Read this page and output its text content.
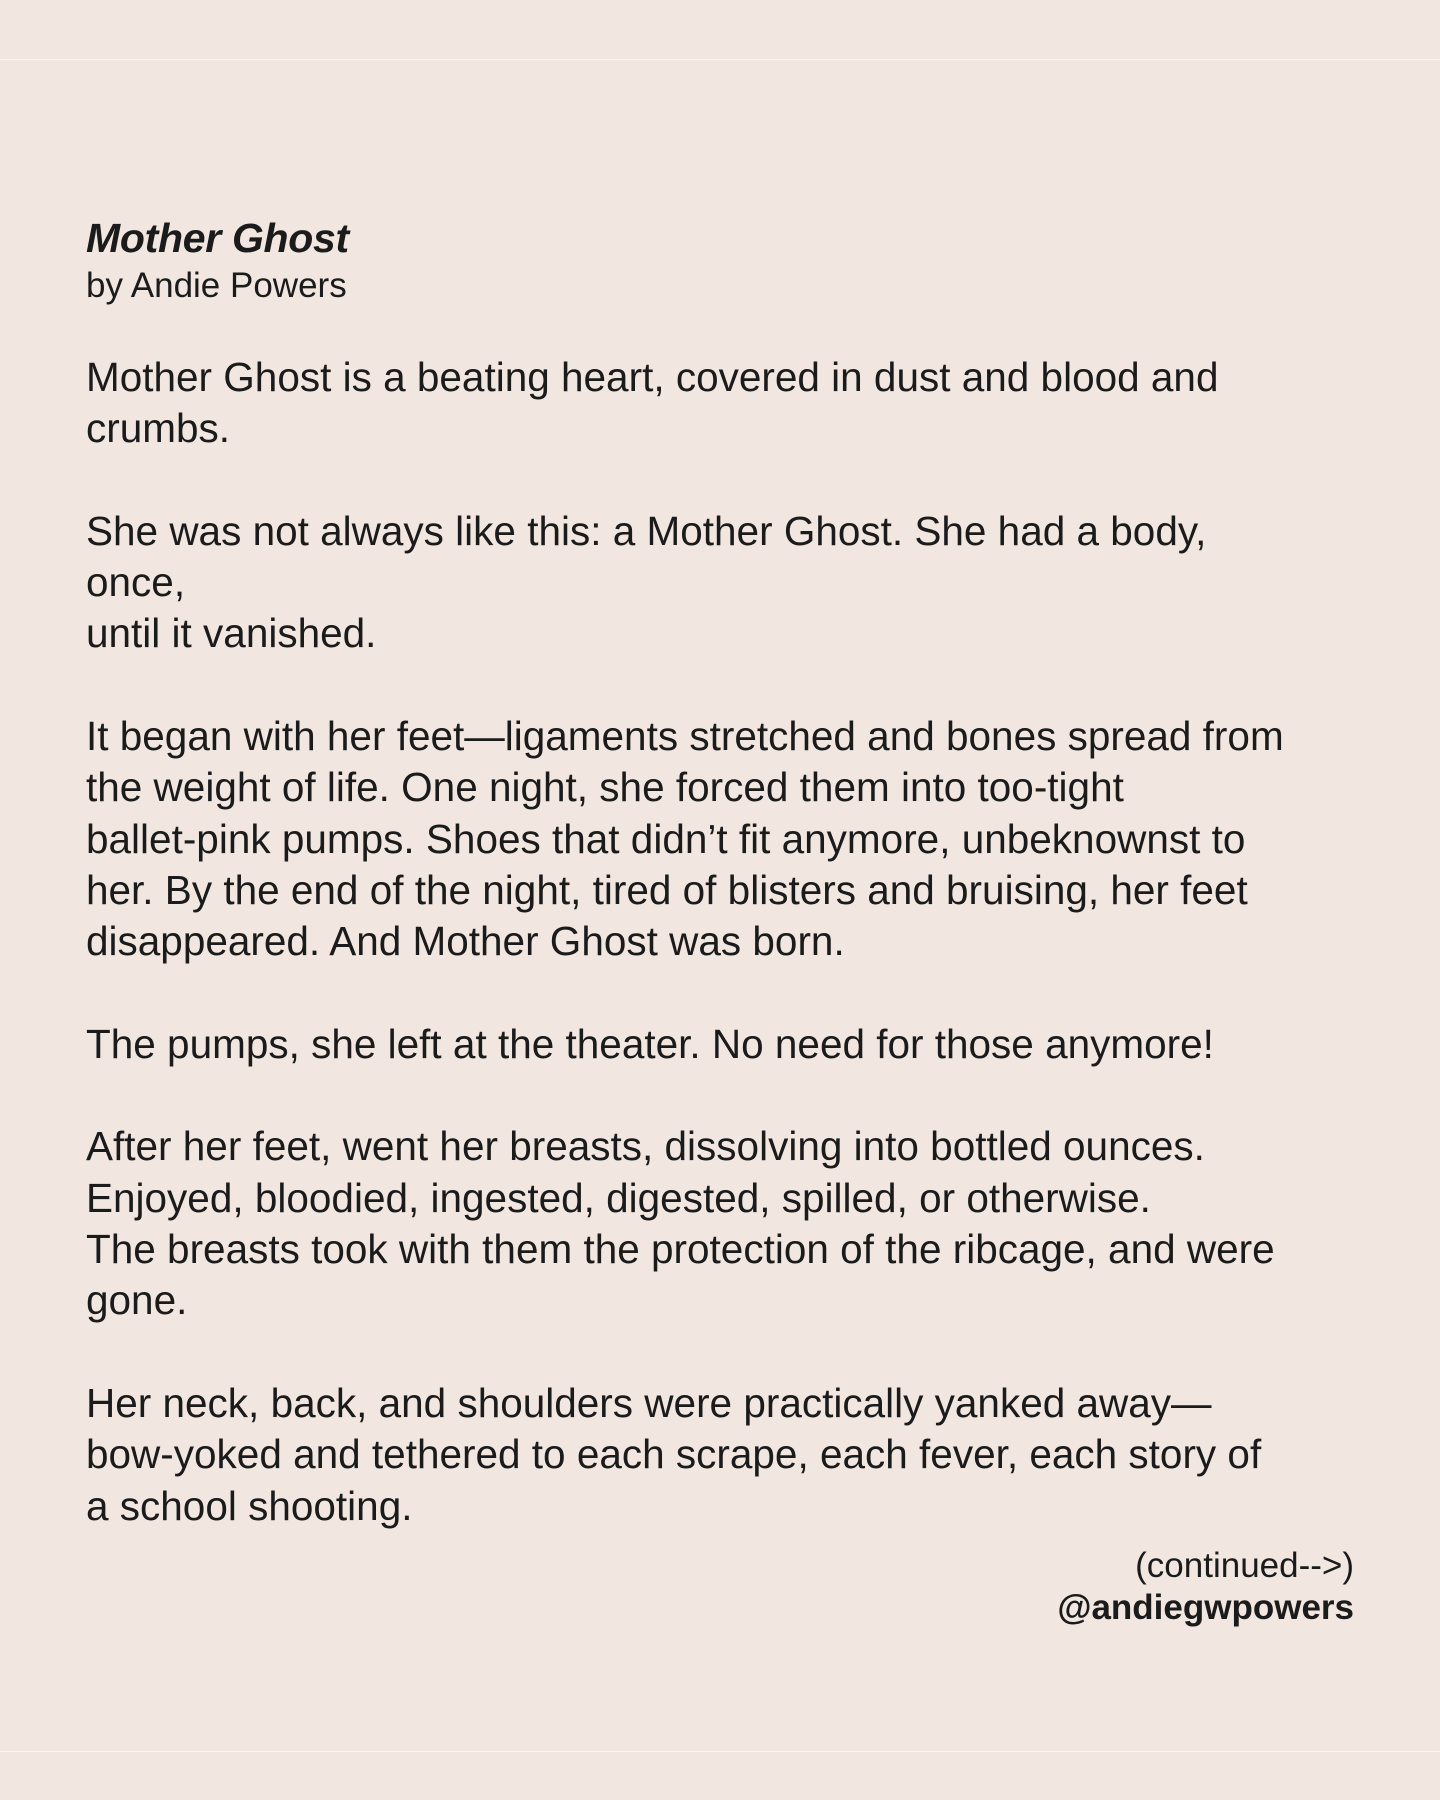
Mother Ghost

by Andie Powers

Mother Ghost is a beating heart, covered in dust and blood and
crumbs.

She was not always like this: a Mother Ghost. She had a body,
once,
until it vanished.

It began with her feet—ligaments stretched and bones spread from
the weight of life. One night, she forced them into too-tight
ballet-pink pumps. Shoes that didn’t fit anymore, unbeknownst to
her. By the end of the night, tired of blisters and bruising, her feet
disappeared. And Mother Ghost was born.

The pumps, she left at the theater. No need for those anymore!

After her feet, went her breasts, dissolving into bottled ounces.
Enjoyed, bloodied, ingested, digested, spilled, or otherwise.
The breasts took with them the protection of the ribcage, and were
gone.

Her neck, back, and shoulders were practically yanked away—
bow-yoked and tethered to each scrape, each fever, each story of
a school shooting.

(continued-->)
@andiegwpowers
